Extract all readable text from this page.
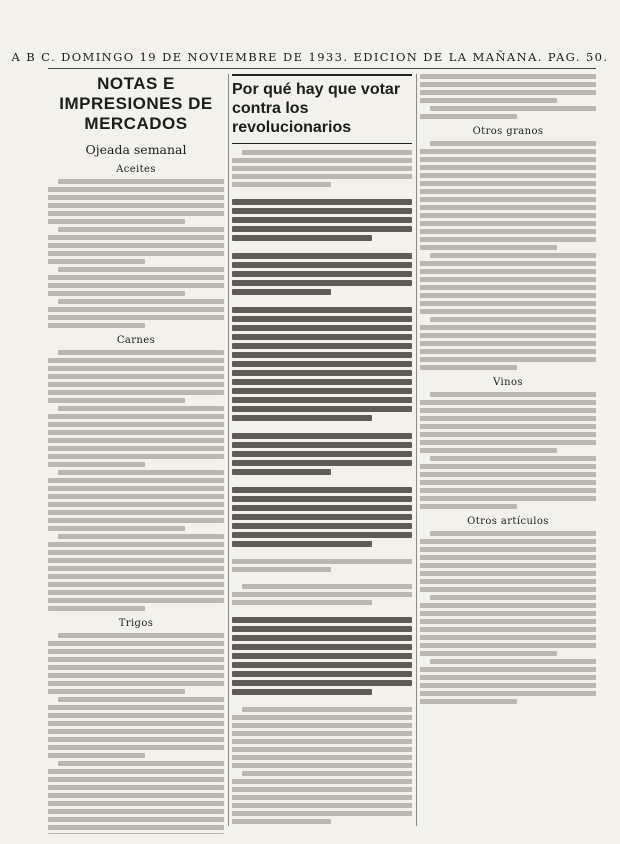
A B C. DOMINGO 19 DE NOVIEMBRE DE 1933. EDICION DE LA MAÑANA. PAG. 50.
NOTAS E IMPRESIONES DE MERCADOS
Ojeada semanal
Aceites
Carnes
Trigos
Por qué hay que votar contra los revolucionarios	Otros granos
Vinos
Otros artículos
